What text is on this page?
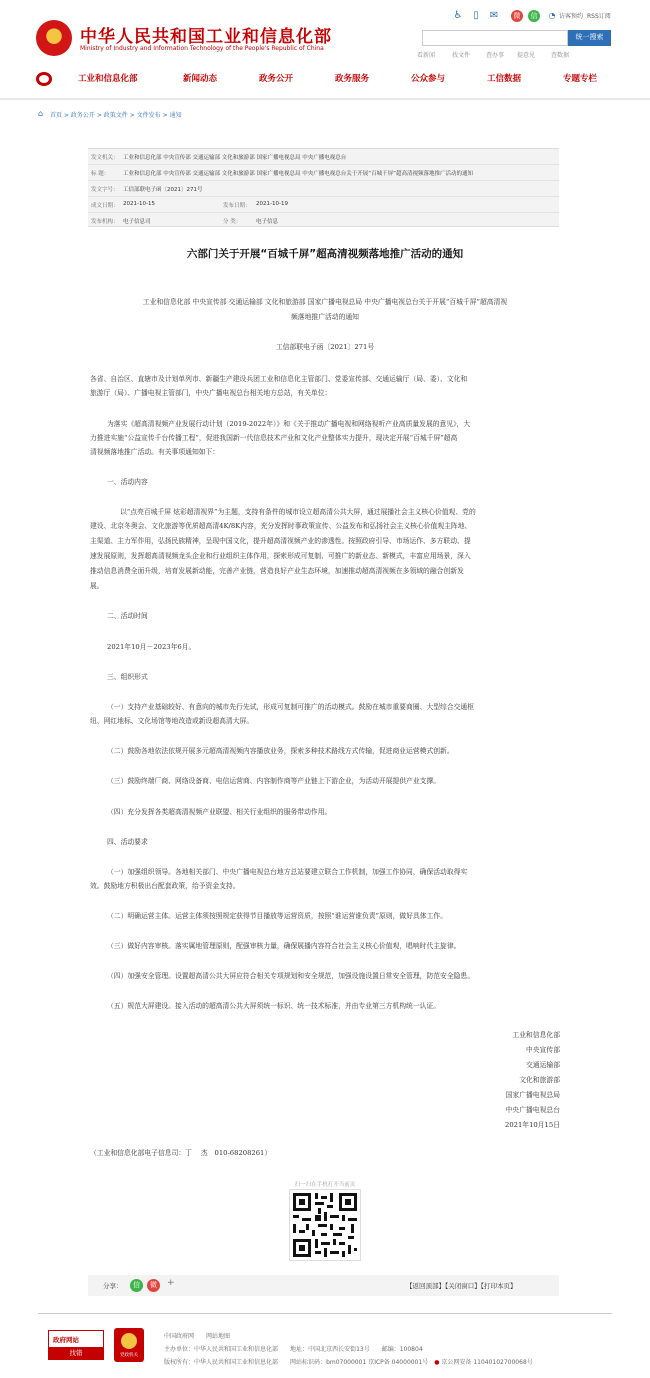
中华人民共和国工业和信息化部
Ministry of Industry and Information Technology of the People's Republic of China
♿	▯	✉	微	信	◔ 访客预约 RSS订阅
统一搜索
看新闻	找文件	查办事 提意见	查数据
工业和信息化部	新闻动态	政务公开	政务服务	公众参与	工信数据	专题专栏
⌂ 首页 > 政务公开 > 政策文件 > 文件发布 > 通知
发文机关： 工业和信息化部 中央宣传部 交通运输部 文化和旅游部 国家广播电视总局 中央广播电视总台
标 题：	工业和信息化部 中央宣传部 交通运输部 文化和旅游部 国家广播电视总局 中央广播电视总台关于开展“百城千屏”超高清视频落地推广活动的通知
发文字号： 工信部联电子函〔2021〕271号
成文日期： 2021-10-15	发布日期： 2021-10-19
发布机构： 电子信息司	分 类：	电子信息
六部门关于开展“百城千屏”超高清视频落地推广活动的通知
工业和信息化部 中央宣传部 交通运输部 文化和旅游部 国家广播电视总局 中央广播电视总台关于开展“百城千屏”超高清视
频落地推广活动的通知
工信部联电子函〔2021〕271号
各省、自治区、直辖市及计划单列市、新疆生产建设兵团工业和信息化主管部门、党委宣传部、交通运输厅（局、委）、文化和
旅游厅（局）、广播电视主管部门，中央广播电视总台相关地方总站，有关单位：
为落实《超高清视频产业发展行动计划（2019-2022年）》和《关于推动广播电视和网络视听产业高质量发展的意见》，大
力推进实施“公益宣传千台传播工程”，促进我国新一代信息技术产业和文化产业整体实力提升，现决定开展“百城千屏”超高
清视频落地推广活动。有关事项通知如下：
一、活动内容
以“点亮百城千屏 炫彩超清视界”为主题，支持有条件的城市设立超高清公共大屏，通过展播社会主义核心价值观、党的
建设、北京冬奥会、文化旅游等优质超高清4K/8K内容，充分发挥时事政策宣传、公益发布和弘扬社会主义核心价值观主阵地、
主渠道、主力军作用，弘扬民族精神，呈现中国文化，提升超高清视频产业的渗透性。按照政府引导、市场运作、多方联动、提
速发展原则，发挥超高清视频龙头企业和行业组织主体作用，探索形成可复制、可推广的新业态、新模式，丰富应用场景，深入
推动信息消费全面升级，培育发展新动能，完善产业链，营造良好产业生态环境，加速推动超高清视频在多领域的融合创新发
展。
二、活动时间
2021年10月－2023年6月。
三、组织形式
（一）支持产业基础较好、有意向的城市先行先试，形成可复制可推广的活动模式。鼓励在城市重要商圈、大型综合交通枢
纽、网红地标、文化场馆等地改造或新设超高清大屏。
（二）鼓励各地依法依规开展多元超高清视频内容播放业务，探索多种技术路线方式传输，促进商业运营模式创新。
（三）鼓励终端厂商、网络设备商、电信运营商、内容制作商等产业链上下游企业，为活动开展提供产业支撑。
（四）充分发挥各类超高清视频产业联盟、相关行业组织的服务带动作用。
四、活动要求
（一）加强组织领导。各地相关部门、中央广播电视总台地方总站要建立联合工作机制，加强工作协同，确保活动取得实
效。鼓励地方积极出台配套政策，给予资金支持。
（二）明确运营主体。运营主体须按照规定获得节目播放等运营资质，按照“谁运营谁负责”原则，做好具体工作。
（三）做好内容审核。落实属地管理原则，配强审核力量，确保展播内容符合社会主义核心价值观，唱响时代主旋律。
（四）加强安全管理。设置超高清公共大屏应符合相关专项规划和安全规范，加强设施设置日常安全管理，防范安全隐患。
（五）规范大屏建设。接入活动的超高清公共大屏须统一标识、统一技术标准，并由专业第三方机构统一认证。
工业和信息化部
中央宣传部
交通运输部
文化和旅游部
国家广播电视总局
中央广播电视总台
2021年10月15日
（工业和信息化部电子信息司：丁　 杰　010-68208261）
扫一扫在手机打开当前页
分享：	信	微	+	【返回顶部】【关闭窗口】【打印本页】
政府网站
找错	党政机关
中国政府网　　 网站地图
主办单位：中华人民共和国工业和信息化部　　 地址：中国北京西长安街13号　　 邮编：100804
版权所有：中华人民共和国工业和信息化部　　 网站标识码：bm07000001 京ICP备 04000001号　 ● 京公网安备 11040102700068号
